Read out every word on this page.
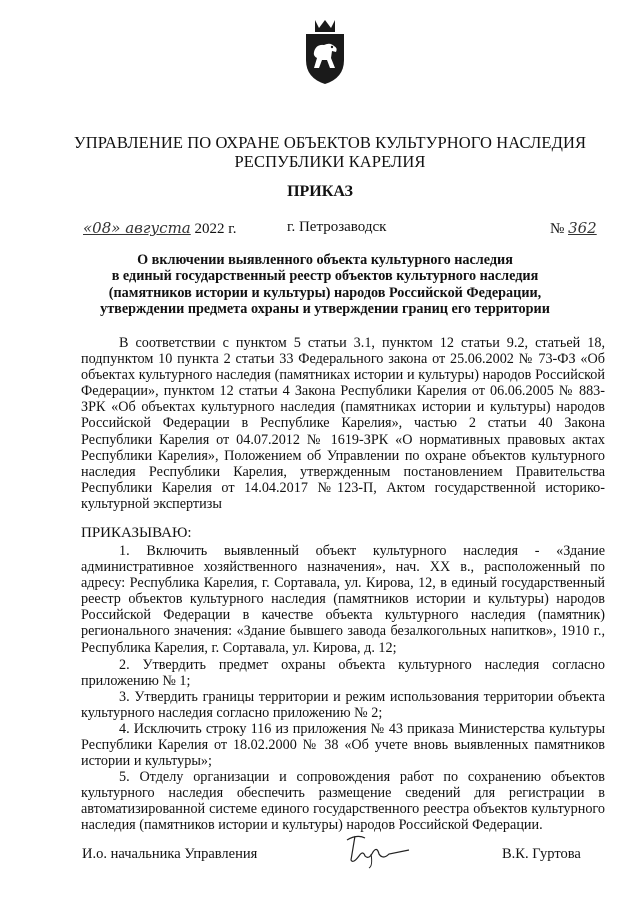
УПРАВЛЕНИЕ ПО ОХРАНЕ ОБЪЕКТОВ КУЛЬТУРНОГО НАСЛЕДИЯ
РЕСПУБЛИКИ КАРЕЛИЯ
ПРИКАЗ
«08» августа 2022 г.	г. Петрозаводск	№ 362
О включении выявленного объекта культурного наследия
в единый государственный реестр объектов культурного наследия
(памятников истории и культуры) народов Российской Федерации,
утверждении предмета охраны и утверждении границ его территории

В соответствии с пунктом 5 статьи 3.1, пунктом 12 статьи 9.2, статьей 18, подпунктом 10 пункта 2 статьи 33 Федерального закона от 25.06.2002 № 73-ФЗ «Об объектах культурного наследия (памятниках истории и культуры) народов Российской Федерации», пунктом 12 статьи 4 Закона Республики Карелия от 06.06.2005 № 883-ЗРК «Об объектах культурного наследия (памятниках истории и культуры) народов Российской Федерации в Республике Карелия», частью 2 статьи 40 Закона Республики Карелия от 04.07.2012 № 1619-ЗРК «О нормативных правовых актах Республики Карелия», Положением об Управлении по охране объектов культурного наследия Республики Карелия, утвержденным постановлением Правительства Республики Карелия от 14.04.2017 №123-П, Актом государственной историко-культурной экспертизы

ПРИКАЗЫВАЮ:

1. Включить выявленный объект культурного наследия - «Здание административное хозяйственного назначения», нач. XX в., расположенный по адресу: Республика Карелия, г. Сортавала, ул. Кирова, 12, в единый государственный реестр объектов культурного наследия (памятников истории и культуры) народов Российской Федерации в качестве объекта культурного наследия (памятник) регионального значения: «Здание бывшего завода безалкогольных напитков», 1910 г., Республика Карелия, г. Сортавала, ул. Кирова, д. 12;

2. Утвердить предмет охраны объекта культурного наследия согласно приложению № 1;

3. Утвердить границы территории и режим использования территории объекта культурного наследия согласно приложению № 2;

4. Исключить строку 116 из приложения № 43 приказа Министерства культуры Республики Карелия от 18.02.2000 № 38 «Об учете вновь выявленных памятников истории и культуры»;

5. Отделу организации и сопровождения работ по сохранению объектов культурного наследия обеспечить размещение сведений для регистрации в автоматизированной системе единого государственного реестра объектов культурного наследия (памятников истории и культуры) народов Российской Федерации.

И.о. начальника Управления	В.К. Гуртова
